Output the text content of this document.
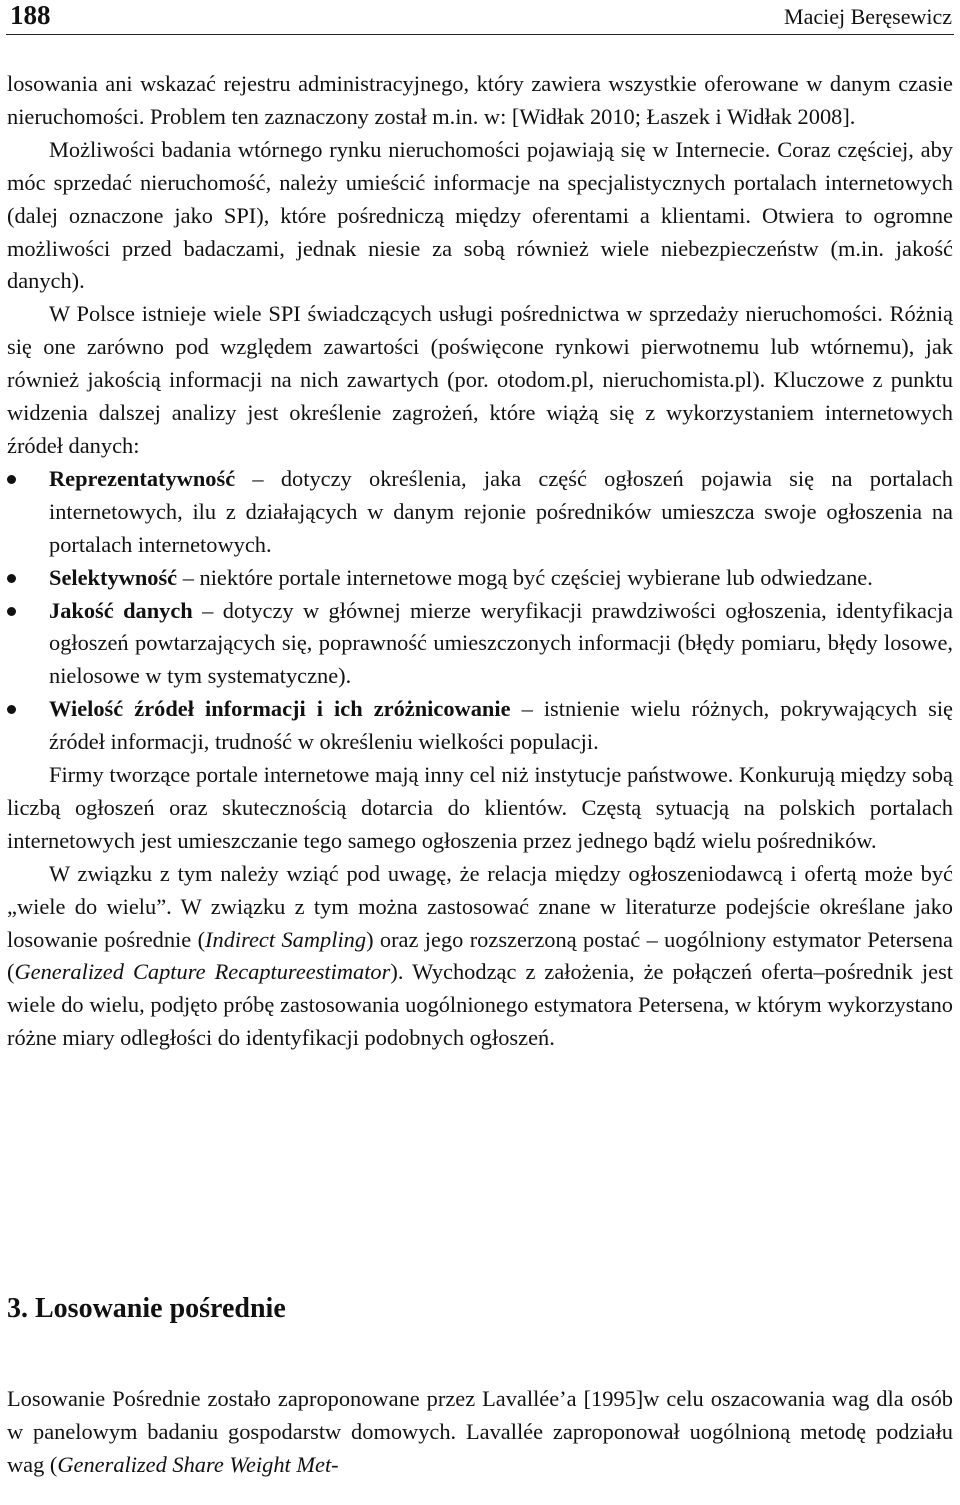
188	Maciej Beręsewicz

losowania ani wskazać rejestru administracyjnego, który zawiera wszystkie oferowane w danym czasie nieruchomości. Problem ten zaznaczony został m.in. w: [Widłak 2010; Łaszek i Widłak 2008].

Możliwości badania wtórnego rynku nieruchomości pojawiają się w Internecie. Coraz częściej, aby móc sprzedać nieruchomość, należy umieścić informacje na specjalistycznych portalach internetowych (dalej oznaczone jako SPI), które pośredniczą między oferentami a klientami. Otwiera to ogromne możliwości przed badaczami, jednak niesie za sobą również wiele niebezpieczeństw (m.in. jakość danych).

W Polsce istnieje wiele SPI świadczących usługi pośrednictwa w sprzedaży nieruchomości. Różnią się one zarówno pod względem zawartości (poświęcone rynkowi pierwotnemu lub wtórnemu), jak również jakością informacji na nich zawartych (por. otodom.pl, nieruchomista.pl). Kluczowe z punktu widzenia dalszej analizy jest określenie zagrożeń, które wiążą się z wykorzystaniem internetowych źródeł danych:

Reprezentatywność – dotyczy określenia, jaka część ogłoszeń pojawia się na portalach internetowych, ilu z działających w danym rejonie pośredników umieszcza swoje ogłoszenia na portalach internetowych.
Selektywność – niektóre portale internetowe mogą być częściej wybierane lub odwiedzane.
Jakość danych – dotyczy w głównej mierze weryfikacji prawdziwości ogłoszenia, identyfikacja ogłoszeń powtarzających się, poprawność umieszczonych informacji (błędy pomiaru, błędy losowe, nielosowe w tym systematyczne).
Wielość źródeł informacji i ich zróżnicowanie – istnienie wielu różnych, pokrywających się źródeł informacji, trudność w określeniu wielkości populacji.

Firmy tworzące portale internetowe mają inny cel niż instytucje państwowe. Konkurują między sobą liczbą ogłoszeń oraz skutecznością dotarcia do klientów. Częstą sytuacją na polskich portalach internetowych jest umieszczanie tego samego ogłoszenia przez jednego bądź wielu pośredników.

W związku z tym należy wziąć pod uwagę, że relacja między ogłoszeniodawcą i ofertą może być „wiele do wielu”. W związku z tym można zastosować znane w literaturze podejście określane jako losowanie pośrednie (Indirect Sampling) oraz jego rozszerzoną postać – uogólniony estymator Petersena (Generalized Capture Recaptureestimator). Wychodząc z założenia, że połączeń oferta–pośrednik jest wiele do wielu, podjęto próbę zastosowania uogólnionego estymatora Petersena, w którym wykorzystano różne miary odległości do identyfikacji podobnych ogłoszeń.

3. Losowanie pośrednie

Losowanie Pośrednie zostało zaproponowane przez Lavallée’a [1995]w celu oszacowania wag dla osób w panelowym badaniu gospodarstw domowych. Lavallée zaproponował uogólnioną metodę podziału wag (Generalized Share Weight Met-
